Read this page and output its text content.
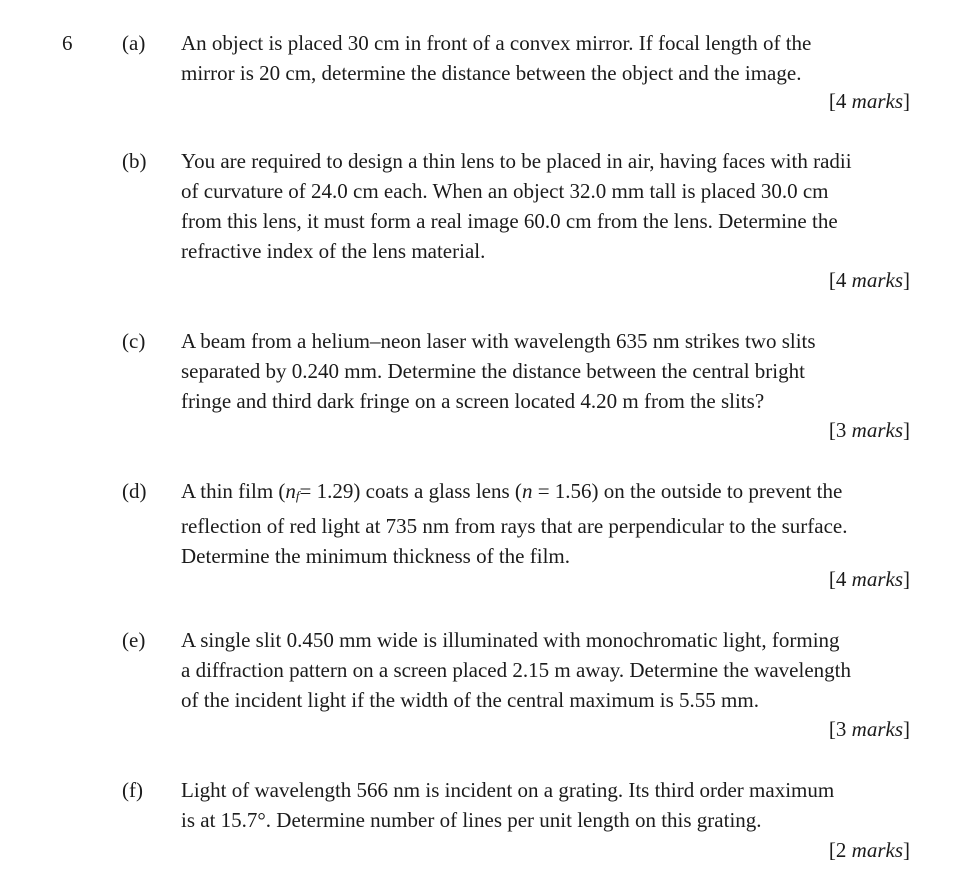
6 (a) An object is placed 30 cm in front of a convex mirror. If focal length of the
mirror is 20 cm, determine the distance between the object and the image.
[4 marks]
(b) You are required to design a thin lens to be placed in air, having faces with radii
of curvature of 24.0 cm each. When an object 32.0 mm tall is placed 30.0 cm
from this lens, it must form a real image 60.0 cm from the lens. Determine the
refractive index of the lens material.
[4 marks]
(c) A beam from a helium–neon laser with wavelength 635 nm strikes two slits
separated by 0.240 mm. Determine the distance between the central bright
fringe and third dark fringe on a screen located 4.20 m from the slits?
[3 marks]
(d) A thin film (nf= 1.29) coats a glass lens (n = 1.56) on the outside to prevent the
reflection of red light at 735 nm from rays that are perpendicular to the surface.
Determine the minimum thickness of the film.
[4 marks]
(e) A single slit 0.450 mm wide is illuminated with monochromatic light, forming
a diffraction pattern on a screen placed 2.15 m away. Determine the wavelength
of the incident light if the width of the central maximum is 5.55 mm.
[3 marks]
(f) Light of wavelength 566 nm is incident on a grating. Its third order maximum
is at 15.7°. Determine number of lines per unit length on this grating.
[2 marks]
